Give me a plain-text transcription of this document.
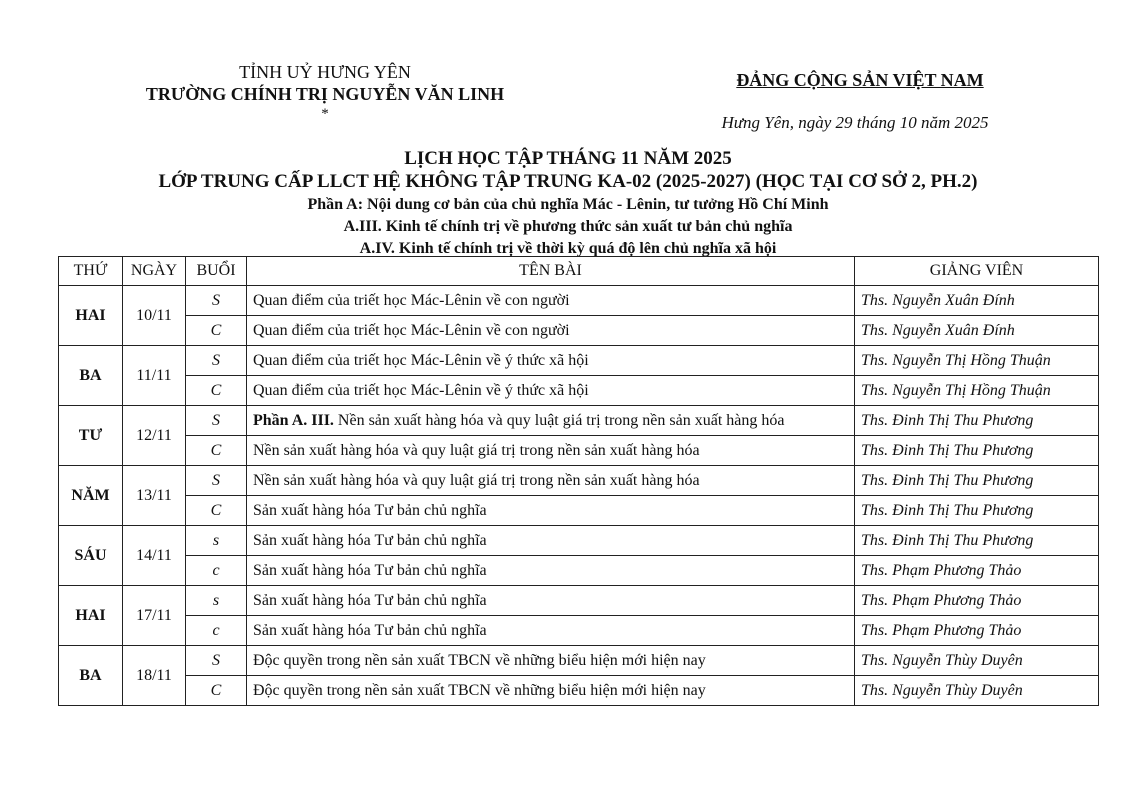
TỈNH UỶ HƯNG YÊN
TRƯỜNG CHÍNH TRỊ NGUYỄN VĂN LINH
*
ĐẢNG CỘNG SẢN VIỆT NAM
Hưng Yên, ngày 29 tháng 10 năm 2025
LỊCH HỌC TẬP THÁNG 11 NĂM 2025
LỚP TRUNG CẤP LLCT HỆ KHÔNG TẬP TRUNG KA-02 (2025-2027) (HỌC TẠI CƠ SỞ 2, PH.2)
Phần A: Nội dung cơ bản của chủ nghĩa Mác - Lênin, tư tưởng Hồ Chí Minh
A.III. Kinh tế chính trị về phương thức sản xuất tư bản chủ nghĩa
A.IV. Kinh tế chính trị về thời kỳ quá độ lên chủ nghĩa xã hội
THỨ	NGÀY	BUỔI	TÊN BÀI	GIẢNG VIÊN
HAI	10/11	S	Quan điểm của triết học Mác-Lênin về con người	Ths. Nguyễn Xuân Đính
		C	Quan điểm của triết học Mác-Lênin về con người	Ths. Nguyễn Xuân Đính
BA	11/11	S	Quan điểm của triết học Mác-Lênin về ý thức xã hội	Ths. Nguyễn Thị Hồng Thuận
		C	Quan điểm của triết học Mác-Lênin về ý thức xã hội	Ths. Nguyễn Thị Hồng Thuận
TƯ	12/11	S	Phần A. III. Nền sản xuất hàng hóa và quy luật giá trị trong nền sản xuất hàng hóa	Ths. Đinh Thị Thu Phương
		C	Nền sản xuất hàng hóa và quy luật giá trị trong nền sản xuất hàng hóa	Ths. Đinh Thị Thu Phương
NĂM	13/11	S	Nền sản xuất hàng hóa và quy luật giá trị trong nền sản xuất hàng hóa	Ths. Đinh Thị Thu Phương
		C	Sản xuất hàng hóa Tư bản chủ nghĩa	Ths. Đinh Thị Thu Phương
SÁU	14/11	s	Sản xuất hàng hóa Tư bản chủ nghĩa	Ths. Đinh Thị Thu Phương
		c	Sản xuất hàng hóa Tư bản chủ nghĩa	Ths. Phạm Phương Thảo
HAI	17/11	s	Sản xuất hàng hóa Tư bản chủ nghĩa	Ths. Phạm Phương Thảo
		c	Sản xuất hàng hóa Tư bản chủ nghĩa	Ths. Phạm Phương Thảo
BA	18/11	S	Độc quyền trong nền sản xuất TBCN về những biểu hiện mới hiện nay	Ths. Nguyễn Thùy Duyên
		C	Độc quyền trong nền sản xuất TBCN về những biểu hiện mới hiện nay	Ths. Nguyễn Thùy Duyên
